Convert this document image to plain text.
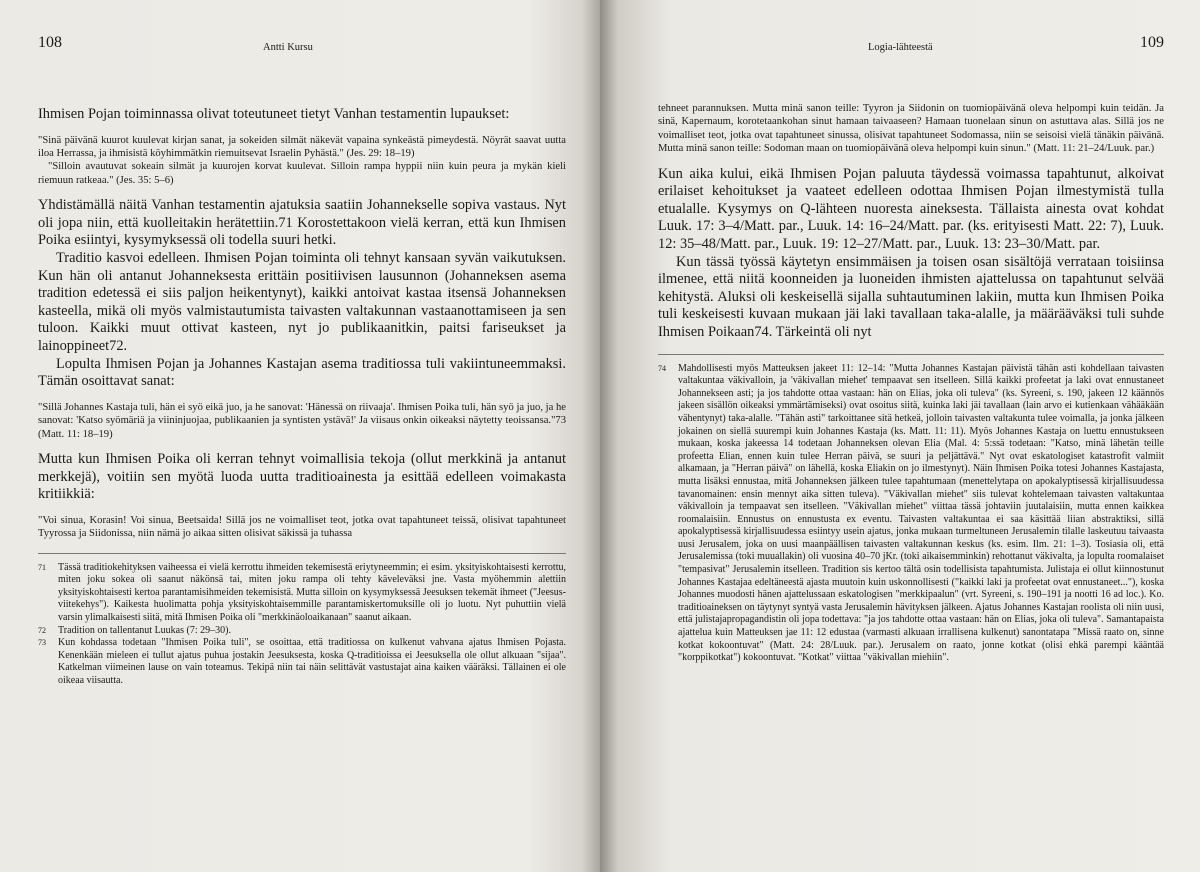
108	Antti Kursu

Ihmisen Pojan toiminnassa olivat toteutuneet tietyt Vanhan testamentin lupaukset:

"Sinä päivänä kuurot kuulevat kirjan sanat, ja sokeiden silmät näkevät vapaina synkeästä pimeydestä. Nöyrät saavat uutta iloa Herrassa, ja ihmisistä köyhimmätkin riemuitsevat Israelin Pyhästä." (Jes. 29: 18–19)

"Silloin avautuvat sokeain silmät ja kuurojen korvat kuulevat. Silloin rampa hyppii niin kuin peura ja mykän kieli riemuun ratkeaa." (Jes. 35: 5–6)

Yhdistämällä näitä Vanhan testamentin ajatuksia saatiin Johannekselle sopiva vastaus. Nyt oli jopa niin, että kuolleitakin herätettiin.71 Korostettakoon vielä kerran, että kun Ihmisen Poika esiintyi, kysymyksessä oli todella suuri hetki.

Traditio kasvoi edelleen. Ihmisen Pojan toiminta oli tehnyt kansaan syvän vaikutuksen. Kun hän oli antanut Johanneksesta erittäin positiivisen lausunnon (Johanneksen asema tradition edetessä ei siis paljon heikentynyt), kaikki antoivat kastaa itsensä Johanneksen kasteella, mikä oli myös valmistautumista taivasten valtakunnan vastaanottamiseen ja sen tuloon. Kaikki muut ottivat kasteen, nyt jo publikaanitkin, paitsi fariseukset ja lainoppineet72.

Lopulta Ihmisen Pojan ja Johannes Kastajan asema traditiossa tuli vakiintuneemmaksi. Tämän osoittavat sanat:

"Sillä Johannes Kastaja tuli, hän ei syö eikä juo, ja he sanovat: 'Hänessä on riivaaja'. Ihmisen Poika tuli, hän syö ja juo, ja he sanovat: 'Katso syömäriä ja viininjuojaa, publikaanien ja syntisten ystävä!' Ja viisaus onkin oikeaksi näytetty teoissansa."73 (Matt. 11: 18–19)

Mutta kun Ihmisen Poika oli kerran tehnyt voimallisia tekoja (ollut merkkinä ja antanut merkkejä), voitiin sen myötä luoda uutta traditioainesta ja esittää edelleen voimakasta kritiikkiä:

"Voi sinua, Korasin! Voi sinua, Beetsaida! Sillä jos ne voimalliset teot, jotka ovat tapahtuneet teissä, olisivat tapahtuneet Tyyrossa ja Siidonissa, niin nämä jo aikaa sitten olisivat säkissä ja tuhassa

71 Tässä traditiokehityksen vaiheessa ei vielä kerrottu ihmeiden tekemisestä eriytyneemmin; ei esim. yksityiskohtaisesti kerrottu, miten joku sokea oli saanut näkönsä tai, miten joku rampa oli tehty käveleväksi jne. Vasta myöhemmin alettiin yksityiskohtaisesti kertoa parantamisihmeiden tekemisistä. Mutta silloin on kysymyksessä Jeesuksen tekemät ihmeet ("Jeesus- viitekehys"). Kaikesta huolimatta pohja yksityiskohtaisemmille parantamiskertomuksille oli jo luotu. Nyt puhuttiin vielä varsin ylimalkaisesti siitä, mitä Ihmisen Poika oli "merkkinäoloaikanaan" saanut aikaan.
72 Tradition on tallentanut Luukas (7: 29–30).
73 Kun kohdassa todetaan "Ihmisen Poika tuli", se osoittaa, että traditiossa on kulkenut vahvana ajatus Ihmisen Pojasta. Kenenkään mieleen ei tullut ajatus puhua jostakin Jeesuksesta, koska Q-traditioissa ei Jeesuksella ole ollut alkuaan "sijaa". Katkelman viimeinen lause on vain toteamus. Tekipä niin tai näin selittävät vastustajat aina kaiken vääräksi. Tällainen ei ole oikeaa viisautta.
Logia-lähteestä	109

tehneet parannuksen. Mutta minä sanon teille: Tyyron ja Siidonin on tuomiopäivänä oleva helpompi kuin teidän. Ja sinä, Kapernaum, korotetaankohan sinut hamaan taivaaseen? Hamaan tuonelaan sinun on astuttava alas. Sillä jos ne voimalliset teot, jotka ovat tapahtuneet sinussa, olisivat tapahtuneet Sodomassa, niin se seisoisi vielä tänäkin päivänä. Mutta minä sanon teille: Sodoman maan on tuomiopäivänä oleva helpompi kuin sinun." (Matt. 11: 21–24/Luuk. par.)

Kun aika kului, eikä Ihmisen Pojan paluuta täydessä voimassa tapahtunut, alkoivat erilaiset kehoitukset ja vaateet edelleen odottaa Ihmisen Pojan ilmestymistä tulla etualalle. Kysymys on Q-lähteen nuoresta aineksesta. Tällaista ainesta ovat kohdat Luuk. 17: 3–4/Matt. par., Luuk. 14: 16–24/Matt. par. (ks. erityisesti Matt. 22: 7), Luuk. 12: 35–48/Matt. par., Luuk. 19: 12–27/Matt. par., Luuk. 13: 23–30/Matt. par.

Kun tässä työssä käytetyn ensimmäisen ja toisen osan sisältöjä verrataan toisiinsa ilmenee, että niitä koonneiden ja luoneiden ihmisten ajattelussa on tapahtunut selvää kehitystä. Aluksi oli keskeisellä sijalla suhtautuminen lakiin, mutta kun Ihmisen Poika tuli keskeisesti kuvaan mukaan jäi laki tavallaan taka-alalle, ja määrääväksi tuli suhde Ihmisen Poikaan74. Tärkeintä oli nyt

74 Mahdollisesti myös Matteuksen jakeet 11: 12–14: "Mutta Johannes Kastajan päivistä tähän asti kohdellaan taivasten valtakuntaa väkivalloin, ja 'väkivallan miehet' tempaavat sen itselleen. Sillä kaikki profeetat ja laki ovat ennustaneet Johannekseen asti; ja jos tahdotte ottaa vastaan: hän on Elias, joka oli tuleva" (ks. Syreeni, s. 190, jakeen 12 käännös jakeen sisällön oikeaksi ymmärtämiseksi) ovat osoitus siitä, kuinka laki jäi tavallaan (lain arvo ei kutienkaan vähääkään vähentynyt) taka-alalle. "Tähän asti" tarkoittanee sitä hetkeä, jolloin taivasten valtakunta tulee voimalla, ja jonka jälkeen jokainen on siellä suurempi kuin Johannes Kastaja (ks. Matt. 11: 11). Myös Johannes Kastaja on luettu ennustukseen mukaan, koska jakeessa 14 todetaan Johanneksen olevan Elia (Mal. 4: 5:ssä todetaan: "Katso, minä lähetän teille profeetta Elian, ennen kuin tulee Herran päivä, se suuri ja peljättävä." Nyt ovat eskatologiset katastrofit valmiit alkamaan, ja "Herran päivä" on lähellä, koska Eliakin on jo ilmestynyt). Näin Ihmisen Poika totesi Johannes Kastajasta, mutta lisäksi ennustaa, mitä Johanneksen jälkeen tulee tapahtumaan (menettelytapa on apokalyptisessä kirjallisuudessa tavanomainen: ensin mennyt aika sitten tuleva). "Väkivallan miehet" siis tulevat kohtelemaan taivasten valtakuntaa väkivalloin ja tempaavat sen itselleen. "Väkivallan miehet" viittaa tässä johtaviin juutalaisiin, mutta ennen kaikkea roomalaisiin. Ennustus on ennustusta ex eventu. Taivasten valtakuntaa ei saa käsittää liian abstraktiksi, sillä apokalyptisessä kirjallisuudessa esiintyy usein ajatus, jonka mukaan turmeltuneen Jerusalemin tilalle laskeutuu taivaasta uusi Jerusalem, joka on uusi maanpäällisen taivasten valtakunnan keskus (ks. esim. Ilm. 21: 1–3). Tosiasia oli, että Jerusalemissa (toki muuallakin) oli vuosina 40–70 jKr. (toki aikaisemminkin) rehottanut väkivalta, ja lopulta roomalaiset "tempasivat" Jerusalemin itselleen. Tradition sis kertoo tältä osin todellisista tapahtumista. Julistaja ei ollut kiinnostunut Johannes Kastajaa edeltäneestä ajasta muutoin kuin uskonnollisesti ("kaikki laki ja profeetat ovat ennustaneet..."), koska Johannes muodosti hänen ajattelussaan eskatologisen "merkkipaalun" (vrt. Syreeni, s. 190–191 ja nootti 16 ad loc.). Ko. traditioaineksen on täytynyt syntyä vasta Jerusalemin hävityksen jälkeen. Ajatus Johannes Kastajan roolista oli niin uusi, että julistajapropagandistin oli jopa todettava: "ja jos tahdotte ottaa vastaan: hän on Elias, joka oli tuleva". Samantapaista ajattelua kuin Matteuksen jae 11: 12 edustaa (varmasti alkuaan irrallisena kulkenut) sanontatapa "Missä raato on, sinne kotkat kokoontuvat" (Matt. 24: 28/Luuk. par.). Jerusalem on raato, jonne kotkat (olisi ehkä parempi kääntää "korppikotkat") kokoontuvat. "Kotkat" viittaa "väkivallan miehiin".
